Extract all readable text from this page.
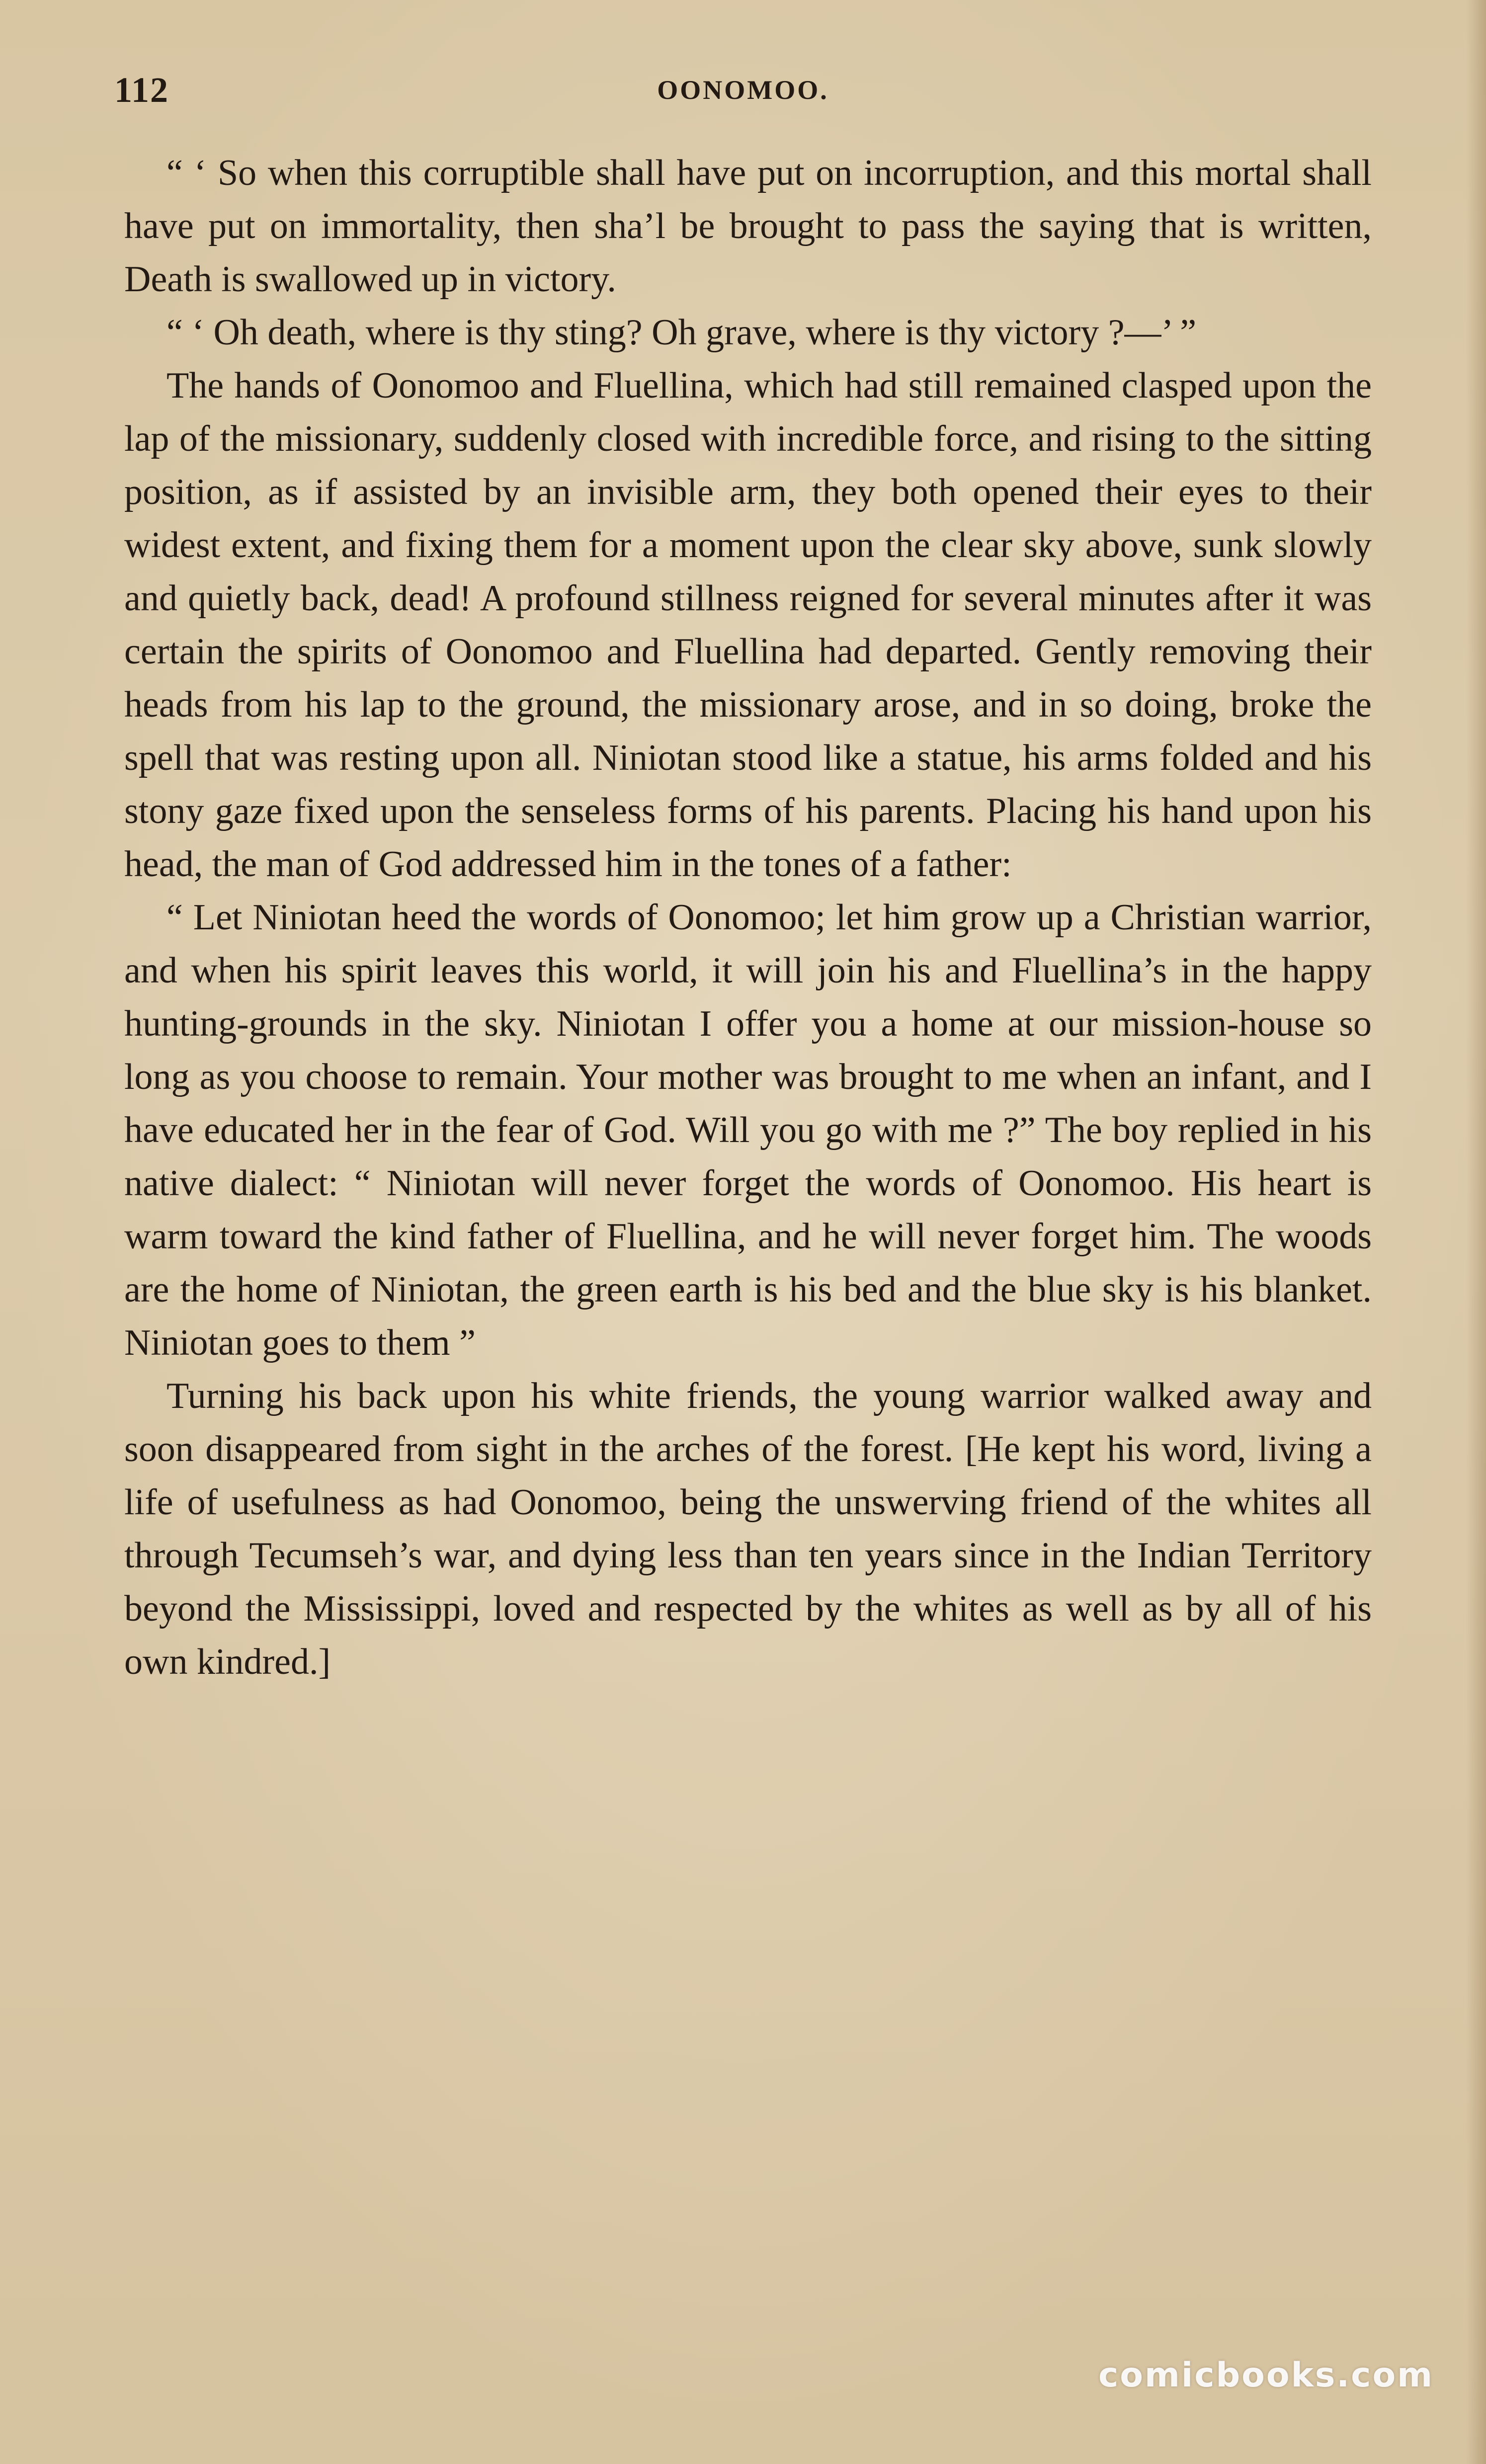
112	OONOMOO.

“ ‘ So when this corruptible shall have put on incorruption, and this mortal shall have put on immortality, then sha’l be brought to pass the saying that is written, Death is swallowed up in victory.

“ ‘ Oh death, where is thy sting? Oh grave, where is thy victory ?—’ ”

The hands of Oonomoo and Fluellina, which had still remained clasped upon the lap of the missionary, suddenly closed with incredible force, and rising to the sitting position, as if assisted by an invisible arm, they both opened their eyes to their widest extent, and fixing them for a moment upon the clear sky above, sunk slowly and quietly back, dead! A profound stillness reigned for several minutes after it was certain the spirits of Oonomoo and Fluellina had departed. Gently removing their heads from his lap to the ground, the missionary arose, and in so doing, broke the spell that was resting upon all. Niniotan stood like a statue, his arms folded and his stony gaze fixed upon the senseless forms of his parents. Placing his hand upon his head, the man of God addressed him in the tones of a father:

“ Let Niniotan heed the words of Oonomoo; let him grow up a Christian warrior, and when his spirit leaves this world, it will join his and Fluellina’s in the happy hunting-grounds in the sky. Niniotan I offer you a home at our mission-house so long as you choose to remain. Your mother was brought to me when an infant, and I have educated her in the fear of God. Will you go with me ?” The boy replied in his native dialect: “ Niniotan will never forget the words of Oonomoo. His heart is warm toward the kind father of Fluellina, and he will never forget him. The woods are the home of Niniotan, the green earth is his bed and the blue sky is his blanket. Niniotan goes to them ”

Turning his back upon his white friends, the young warrior walked away and soon disappeared from sight in the arches of the forest. [He kept his word, living a life of usefulness as had Oonomoo, being the unswerving friend of the whites all through Tecumseh’s war, and dying less than ten years since in the Indian Territory beyond the Mississippi, loved and respected by the whites as well as by all of his own kindred.]

comicbooks.com
